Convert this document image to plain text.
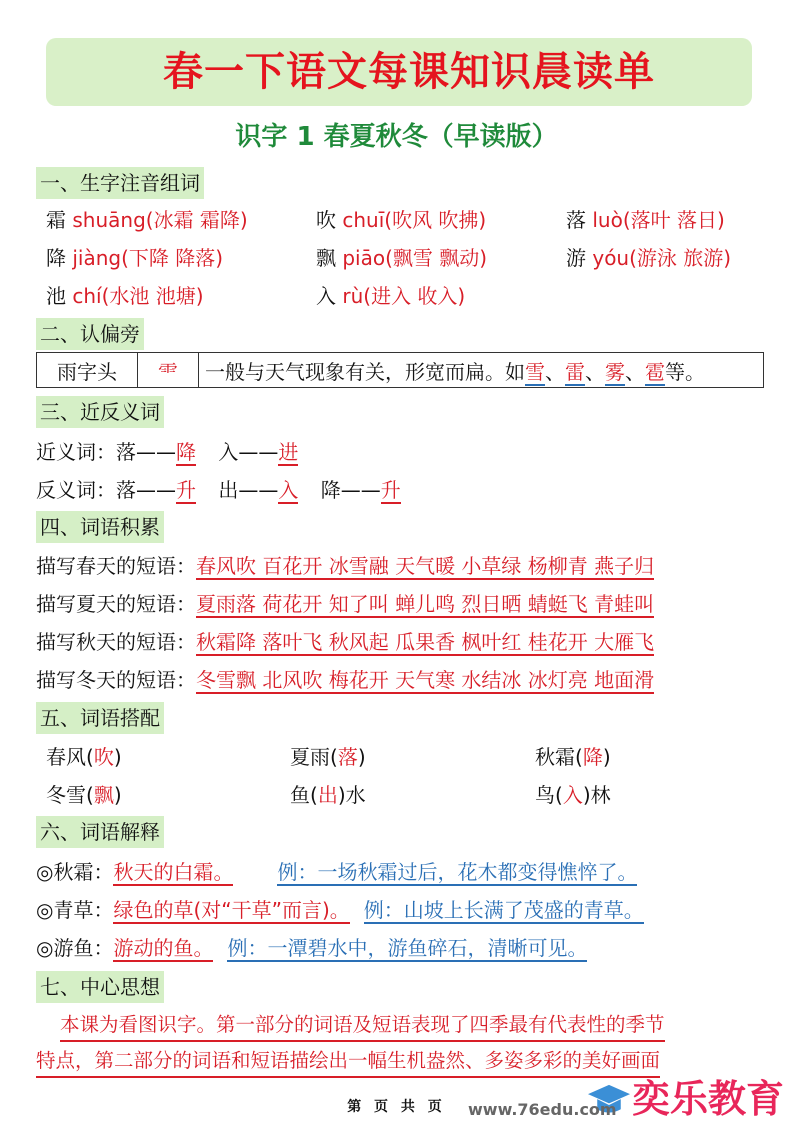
春一下语文每课知识晨读单
识字 1 春夏秋冬（早读版）
一、生字注音组词
霜 shuāng(冰霜 霜降)	吹 chuī(吹风 吹拂)	落 luò(落叶 落日)
降 jiàng(下降 降落)	飘 piāo(飘雪 飘动)	游 yóu(游泳 旅游)
池 chí(水池 池塘)	入 rù(进入 收入)
二、认偏旁
雨字头	⻗	一般与天气现象有关，形宽而扁。如雪、雷、雾、雹等。
三、近反义词
近义词：落——降 入——进
反义词：落——升 出——入 降——升
四、词语积累
描写春天的短语：春风吹 百花开 冰雪融 天气暖 小草绿 杨柳青 燕子归
描写夏天的短语：夏雨落 荷花开 知了叫 蝉儿鸣 烈日晒 蜻蜓飞 青蛙叫
描写秋天的短语：秋霜降 落叶飞 秋风起 瓜果香 枫叶红 桂花开 大雁飞
描写冬天的短语：冬雪飘 北风吹 梅花开 天气寒 水结冰 冰灯亮 地面滑
五、词语搭配
春风(吹)	夏雨(落)	秋霜(降)
冬雪(飘)	鱼(出)水	鸟(入)林
六、词语解释
◎秋霜：秋天的白霜。 例：一场秋霜过后，花木都变得憔悴了。
◎青草：绿色的草(对“干草”而言)。 例：山坡上长满了茂盛的青草。
◎游鱼：游动的鱼。 例：一潭碧水中，游鱼碎石，清晰可见。
七、中心思想
本课为看图识字。第一部分的词语及短语表现了四季最有代表性的季节
特点，第二部分的词语和短语描绘出一幅生机盎然、多姿多彩的美好画面
奕乐教育
www.76edu.com
第 页 共 页
